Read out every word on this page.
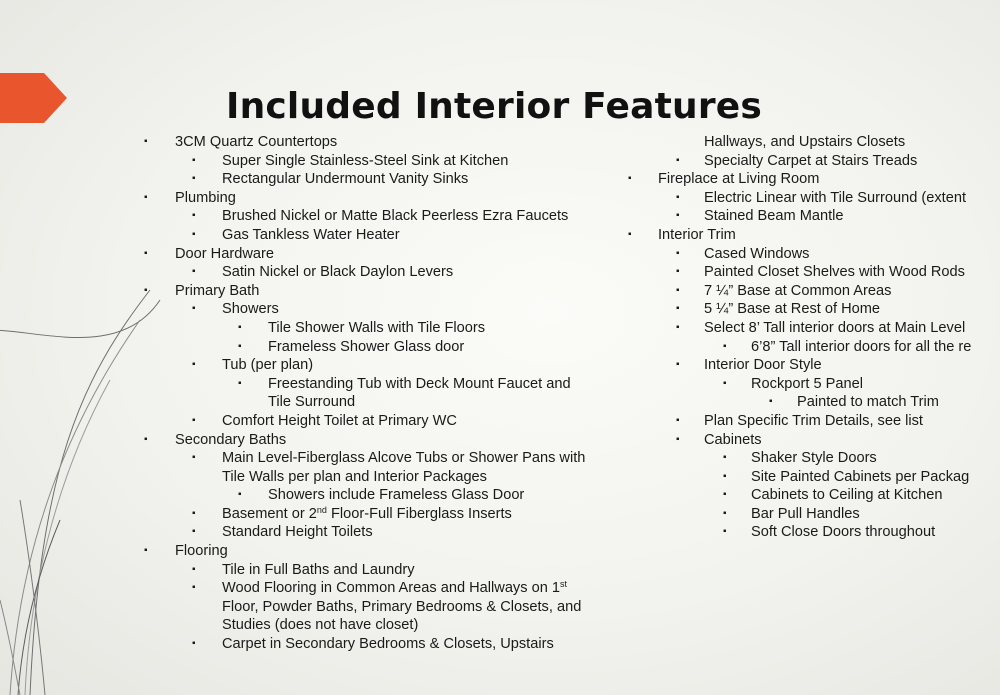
Included Interior Features
▪ 3CM Quartz Countertops
▪ Super Single Stainless-Steel Sink at Kitchen
▪ Rectangular Undermount Vanity Sinks
▪ Plumbing
▪ Brushed Nickel or Matte Black Peerless Ezra Faucets
▪ Gas Tankless Water Heater
▪ Door Hardware
▪ Satin Nickel or Black Daylon Levers
▪ Primary Bath
▪ Showers
▪ Tile Shower Walls with Tile Floors
▪ Frameless Shower Glass door
▪ Tub (per plan)
▪ Freestanding Tub with Deck Mount Faucet and
Tile Surround
▪ Comfort Height Toilet at Primary WC
▪ Secondary Baths
▪ Main Level-Fiberglass Alcove Tubs or Shower Pans with
Tile Walls per plan and Interior Packages
▪ Showers include Frameless Glass Door
▪ Basement or 2nd Floor-Full Fiberglass Inserts
▪ Standard Height Toilets
▪ Flooring
▪ Tile in Full Baths and Laundry
▪ Wood Flooring in Common Areas and Hallways on 1st
Floor, Powder Baths, Primary Bedrooms & Closets, and
Studies (does not have closet)
▪ Carpet in Secondary Bedrooms & Closets, Upstairs
Hallways, and Upstairs Closets
▪ Specialty Carpet at Stairs Treads
▪ Fireplace at Living Room
▪ Electric Linear with Tile Surround (extent
▪ Stained Beam Mantle
▪ Interior Trim
▪ Cased Windows
▪ Painted Closet Shelves with Wood Rods
▪ 7 ¼” Base at Common Areas
▪ 5 ¼” Base at Rest of Home
▪ Select 8’ Tall interior doors at Main Level
▪ 6’8” Tall interior doors for all the re
▪ Interior Door Style
▪ Rockport 5 Panel
▪ Painted to match Trim
▪ Plan Specific Trim Details, see list
▪ Cabinets
▪ Shaker Style Doors
▪ Site Painted Cabinets per Packag
▪ Cabinets to Ceiling at Kitchen
▪ Bar Pull Handles
▪ Soft Close Doors throughout
